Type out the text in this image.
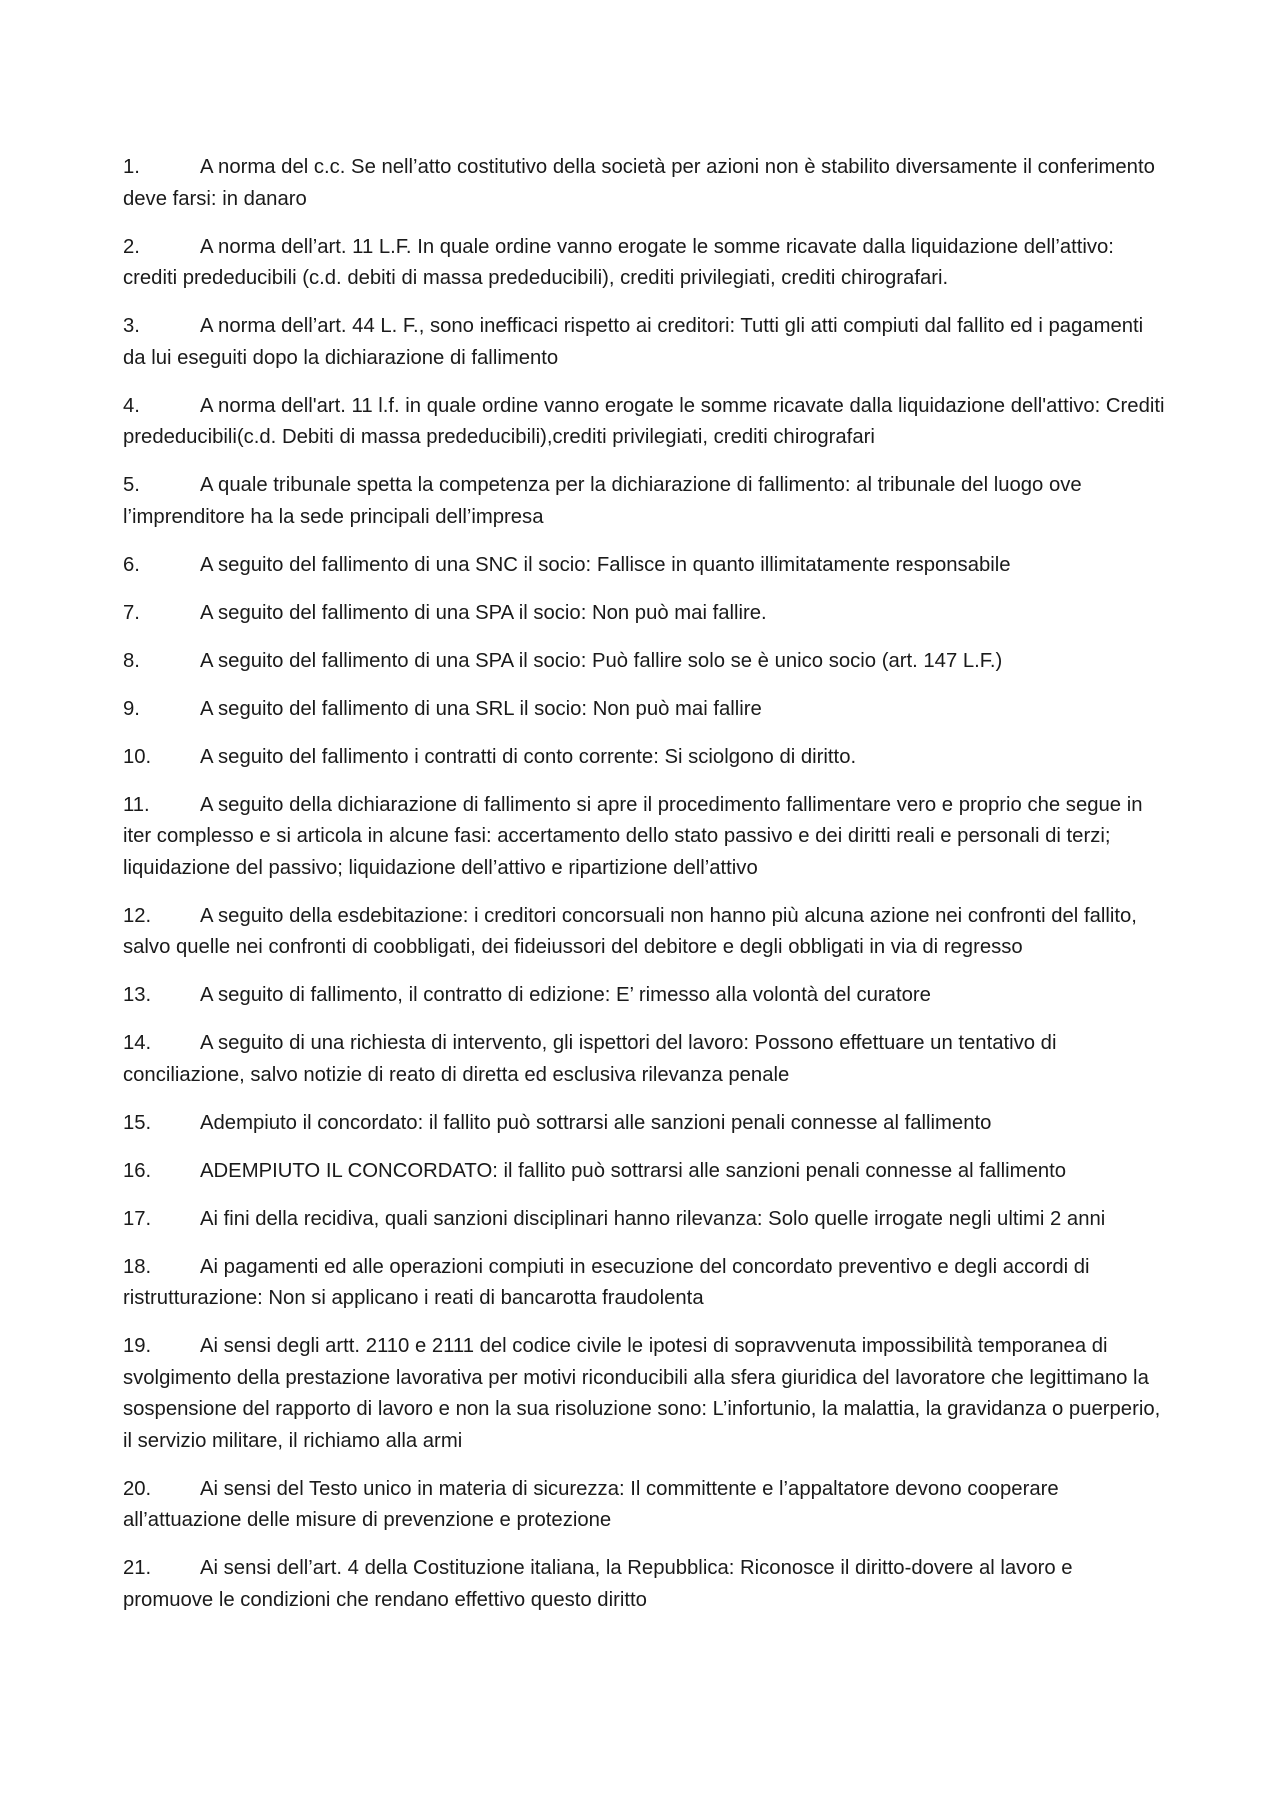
1.	A norma del c.c. Se nell’atto costitutivo della società per azioni non è stabilito diversamente il conferimento deve farsi: in danaro

2.	A norma dell’art. 11 L.F. In quale ordine vanno erogate le somme ricavate dalla liquidazione dell’attivo: crediti prededucibili (c.d. debiti di massa prededucibili), crediti privilegiati, crediti chirografari.

3.	A norma dell’art. 44 L. F., sono inefficaci rispetto ai creditori: Tutti gli atti compiuti dal fallito ed i pagamenti da lui eseguiti dopo la dichiarazione di fallimento

4.	A norma dell'art. 11 l.f. in quale ordine vanno erogate le somme ricavate dalla liquidazione dell'attivo: Crediti prededucibili(c.d. Debiti di massa prededucibili),crediti privilegiati, crediti chirografari

5.	A quale tribunale spetta la competenza per la dichiarazione di fallimento: al tribunale del luogo ove l’imprenditore ha la sede principali dell’impresa

6.	A seguito del fallimento di una SNC il socio: Fallisce in quanto illimitatamente responsabile

7.	A seguito del fallimento di una SPA il socio: Non può mai fallire.

8.	A seguito del fallimento di una SPA il socio: Può fallire solo se è unico socio (art. 147 L.F.)

9.	A seguito del fallimento di una SRL il socio: Non può mai fallire

10. A seguito del fallimento i contratti di conto corrente: Si sciolgono di diritto.

11. A seguito della dichiarazione di fallimento si apre il procedimento fallimentare vero e proprio che segue in iter complesso e si articola in alcune fasi: accertamento dello stato passivo e dei diritti reali e personali di terzi; liquidazione del passivo; liquidazione dell’attivo e ripartizione dell’attivo

12. A seguito della esdebitazione: i creditori concorsuali non hanno più alcuna azione nei confronti del fallito, salvo quelle nei confronti di coobbligati, dei fideiussori del debitore e degli obbligati in via di regresso

13. A seguito di fallimento, il contratto di edizione: E’ rimesso alla volontà del curatore

14. A seguito di una richiesta di intervento, gli ispettori del lavoro: Possono effettuare un tentativo di conciliazione, salvo notizie di reato di diretta ed esclusiva rilevanza penale

15. Adempiuto il concordato: il fallito può sottrarsi alle sanzioni penali connesse al fallimento

16. ADEMPIUTO IL CONCORDATO: il fallito può sottrarsi alle sanzioni penali connesse al fallimento

17. Ai fini della recidiva, quali sanzioni disciplinari hanno rilevanza: Solo quelle irrogate negli ultimi 2 anni

18. Ai pagamenti ed alle operazioni compiuti in esecuzione del concordato preventivo e degli accordi di ristrutturazione: Non si applicano i reati di bancarotta fraudolenta

19. Ai sensi degli artt. 2110 e 2111 del codice civile le ipotesi di sopravvenuta impossibilità temporanea di svolgimento della prestazione lavorativa per motivi riconducibili alla sfera giuridica del lavoratore che legittimano la sospensione del rapporto di lavoro e non la sua risoluzione sono: L’infortunio, la malattia, la gravidanza o puerperio, il servizio militare, il richiamo alla armi

20. Ai sensi del Testo unico in materia di sicurezza: Il committente e l’appaltatore devono cooperare all’attuazione delle misure di prevenzione e protezione

21. Ai sensi dell’art. 4 della Costituzione italiana, la Repubblica: Riconosce il diritto-dovere al lavoro e promuove le condizioni che rendano effettivo questo diritto
